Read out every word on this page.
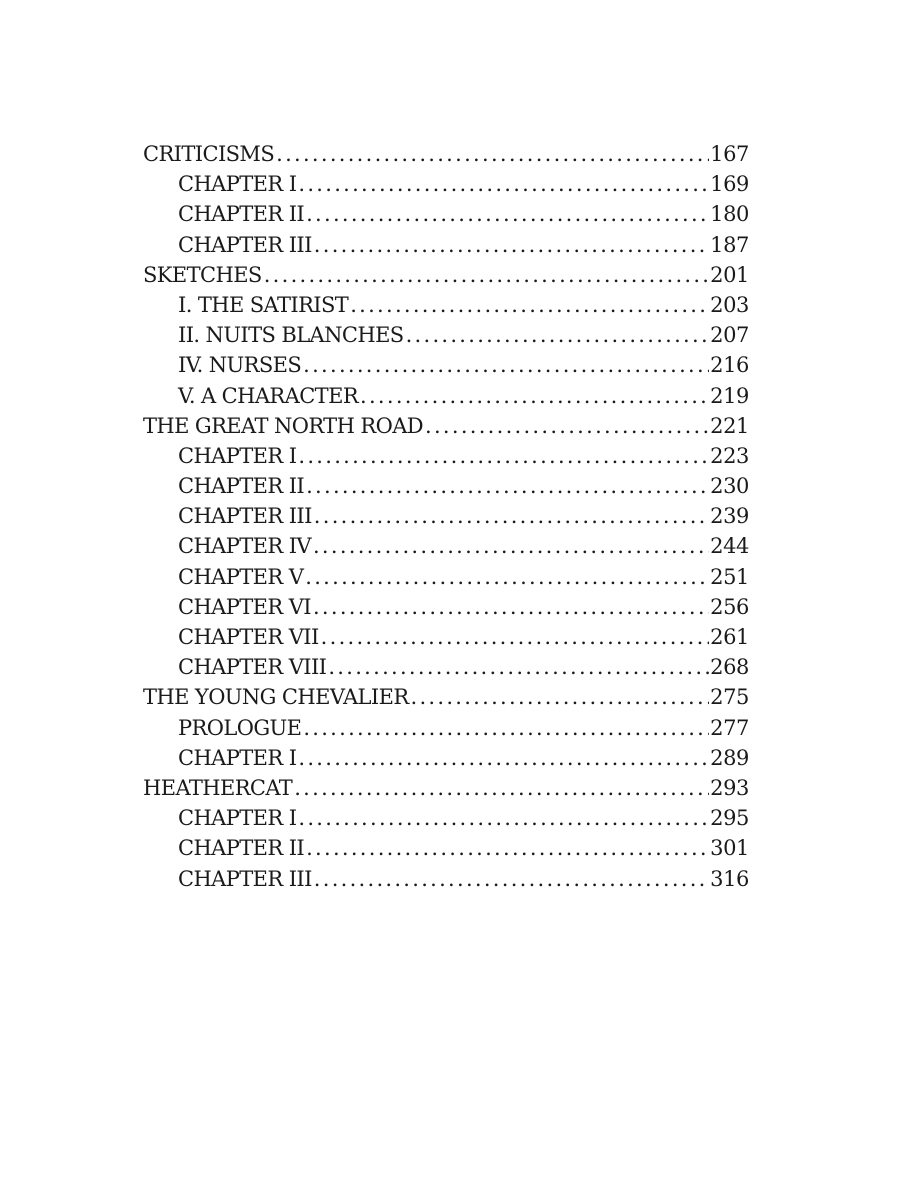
CRITICISMS . . .	167
CHAPTER I . . .	169
CHAPTER II . . .	180
CHAPTER III . . .	187
SKETCHES . . .	201
I. THE SATIRIST . . .	203
II. NUITS BLANCHES . . .	207
IV. NURSES . . .	216
V. A CHARACTER . . .	219
THE GREAT NORTH ROAD . . .	221
CHAPTER I . . .	223
CHAPTER II . . .	230
CHAPTER III . . .	239
CHAPTER IV . . .	244
CHAPTER V . . .	251
CHAPTER VI . . .	256
CHAPTER VII . . .	261
CHAPTER VIII . . .	268
THE YOUNG CHEVALIER . . .	275
PROLOGUE . . .	277
CHAPTER I . . .	289
HEATHERCAT . . .	293
CHAPTER I . . .	295
CHAPTER II . . .	301
CHAPTER III . . .	316
